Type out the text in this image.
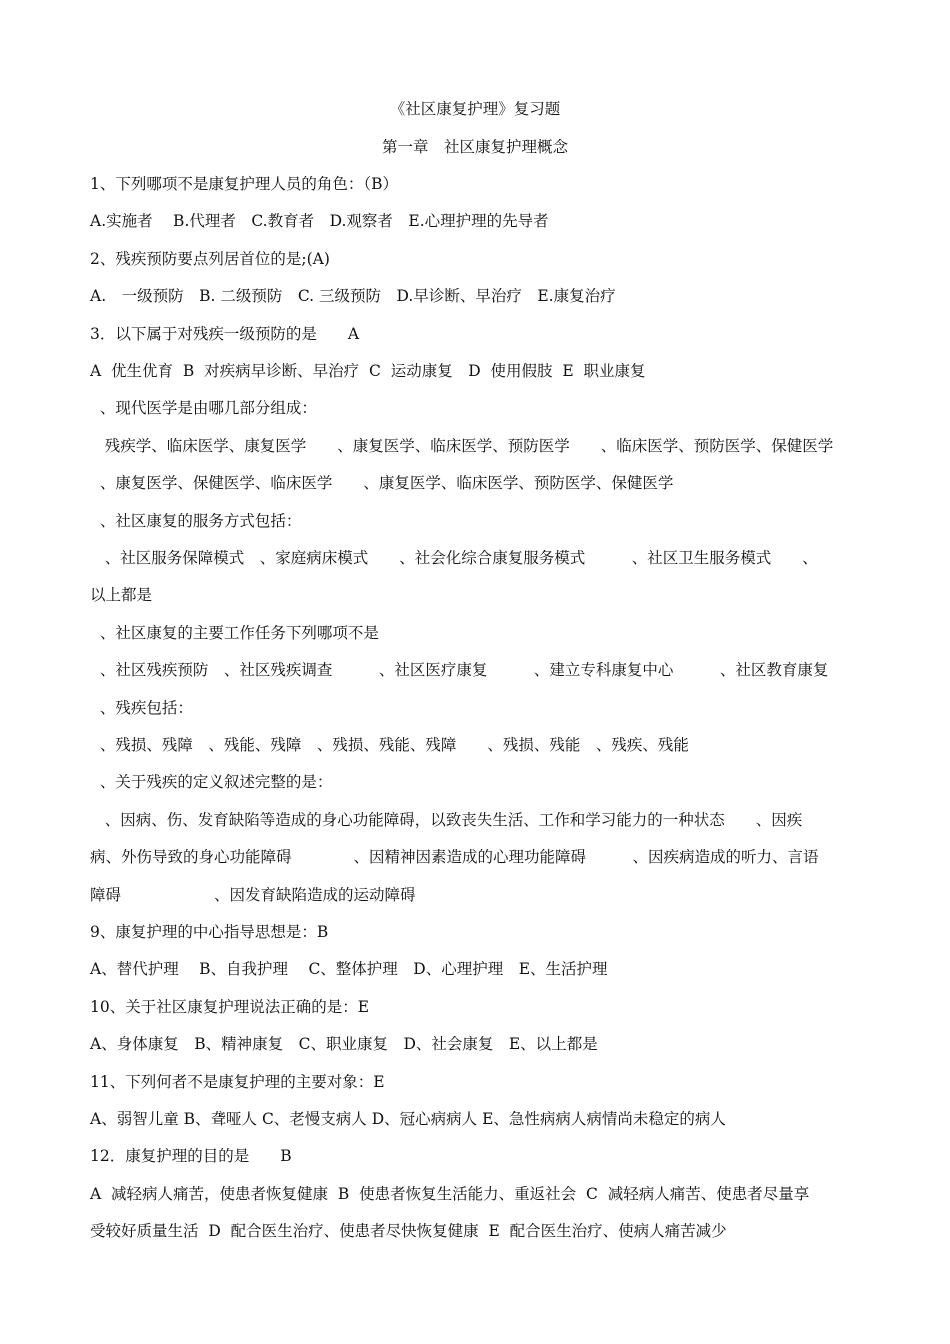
《社区康复护理》复习题
第一章　社区康复护理概念
1、下列哪项不是康复护理人员的角色：（B）
A.实施者　 B.代理者　C.教育者　D.观察者　E.心理护理的先导者
2、残疾预防要点列居首位的是;(A)
A.　一级预防　B. 二级预防　C. 三级预防　D.早诊断、早治疗　E.康复治疗
3．以下属于对残疾一级预防的是　　A
A  优生优育  B  对疾病早诊断、早治疗  C  运动康复　D  使用假肢  E  职业康复
、现代医学是由哪几部分组成：
残疾学、临床医学、康复医学　　、康复医学、临床医学、预防医学　　、临床医学、预防医学、保健医学
、康复医学、保健医学、临床医学　　、康复医学、临床医学、预防医学、保健医学
、社区康复的服务方式包括：
、社区服务保障模式　、家庭病床模式　　、社会化综合康复服务模式　　　、社区卫生服务模式　　、
以上都是
、社区康复的主要工作任务下列哪项不是
、社区残疾预防　、社区残疾调查　　　、社区医疗康复　　　、建立专科康复中心　　　、社区教育康复
、残疾包括：
、残损、残障　、残能、残障　、残损、残能、残障　　、残损、残能　、残疾、残能
、关于残疾的定义叙述完整的是：
、因病、伤、发育缺陷等造成的身心功能障碍，以致丧失生活、工作和学习能力的一种状态　　、因疾
病、外伤导致的身心功能障碍　　　　、因精神因素造成的心理功能障碍　　　、因疾病造成的听力、言语
障碍　　　　　　、因发育缺陷造成的运动障碍
9、康复护理的中心指导思想是：B
A、替代护理　 B、自我护理　 C、整体护理　D、心理护理　E、生活护理
10、关于社区康复护理说法正确的是：E
A、身体康复　B、精神康复　C、职业康复　D、社会康复　E、以上都是
11、下列何者不是康复护理的主要对象：E
A、弱智儿童 B、聋哑人 C、老慢支病人 D、冠心病病人 E、急性病病人病情尚未稳定的病人
12．康复护理的目的是　　B
A  减轻病人痛苦，使患者恢复健康  B  使患者恢复生活能力、重返社会  C  减轻病人痛苦、使患者尽量享
受较好质量生活  D  配合医生治疗、使患者尽快恢复健康  E  配合医生治疗、使病人痛苦减少
